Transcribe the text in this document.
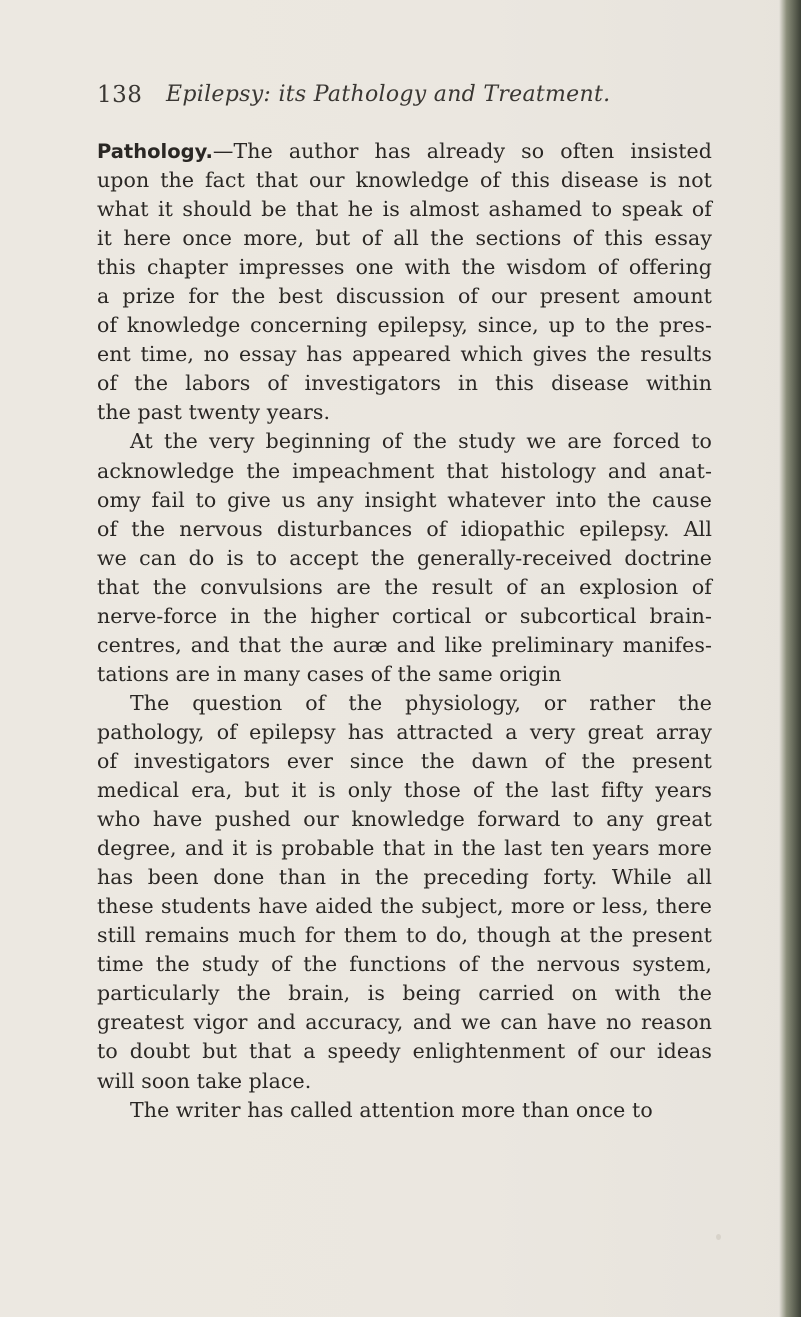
138 Epilepsy: its Pathology and Treatment.
Pathology.—The author has already so often insisted
upon the fact that our knowledge of this disease is not
what it should be that he is almost ashamed to speak of
it here once more, but of all the sections of this essay
this chapter impresses one with the wisdom of offering
a prize for the best discussion of our present amount
of knowledge concerning epilepsy, since, up to the pres-
ent time, no essay has appeared which gives the results
of the labors of investigators in this disease within
the past twenty years.
At the very beginning of the study we are forced to
acknowledge the impeachment that histology and anat-
omy fail to give us any insight whatever into the cause
of the nervous disturbances of idiopathic epilepsy. All
we can do is to accept the generally-received doctrine
that the convulsions are the result of an explosion of
nerve-force in the higher cortical or subcortical brain-
centres, and that the auræ and like preliminary manifes-
tations are in many cases of the same origin
The question of the physiology, or rather the
pathology, of epilepsy has attracted a very great array
of investigators ever since the dawn of the present
medical era, but it is only those of the last fifty years
who have pushed our knowledge forward to any great
degree, and it is probable that in the last ten years more
has been done than in the preceding forty. While all
these students have aided the subject, more or less, there
still remains much for them to do, though at the present
time the study of the functions of the nervous system,
particularly the brain, is being carried on with the
greatest vigor and accuracy, and we can have no reason
to doubt but that a speedy enlightenment of our ideas
will soon take place.
The writer has called attention more than once to
